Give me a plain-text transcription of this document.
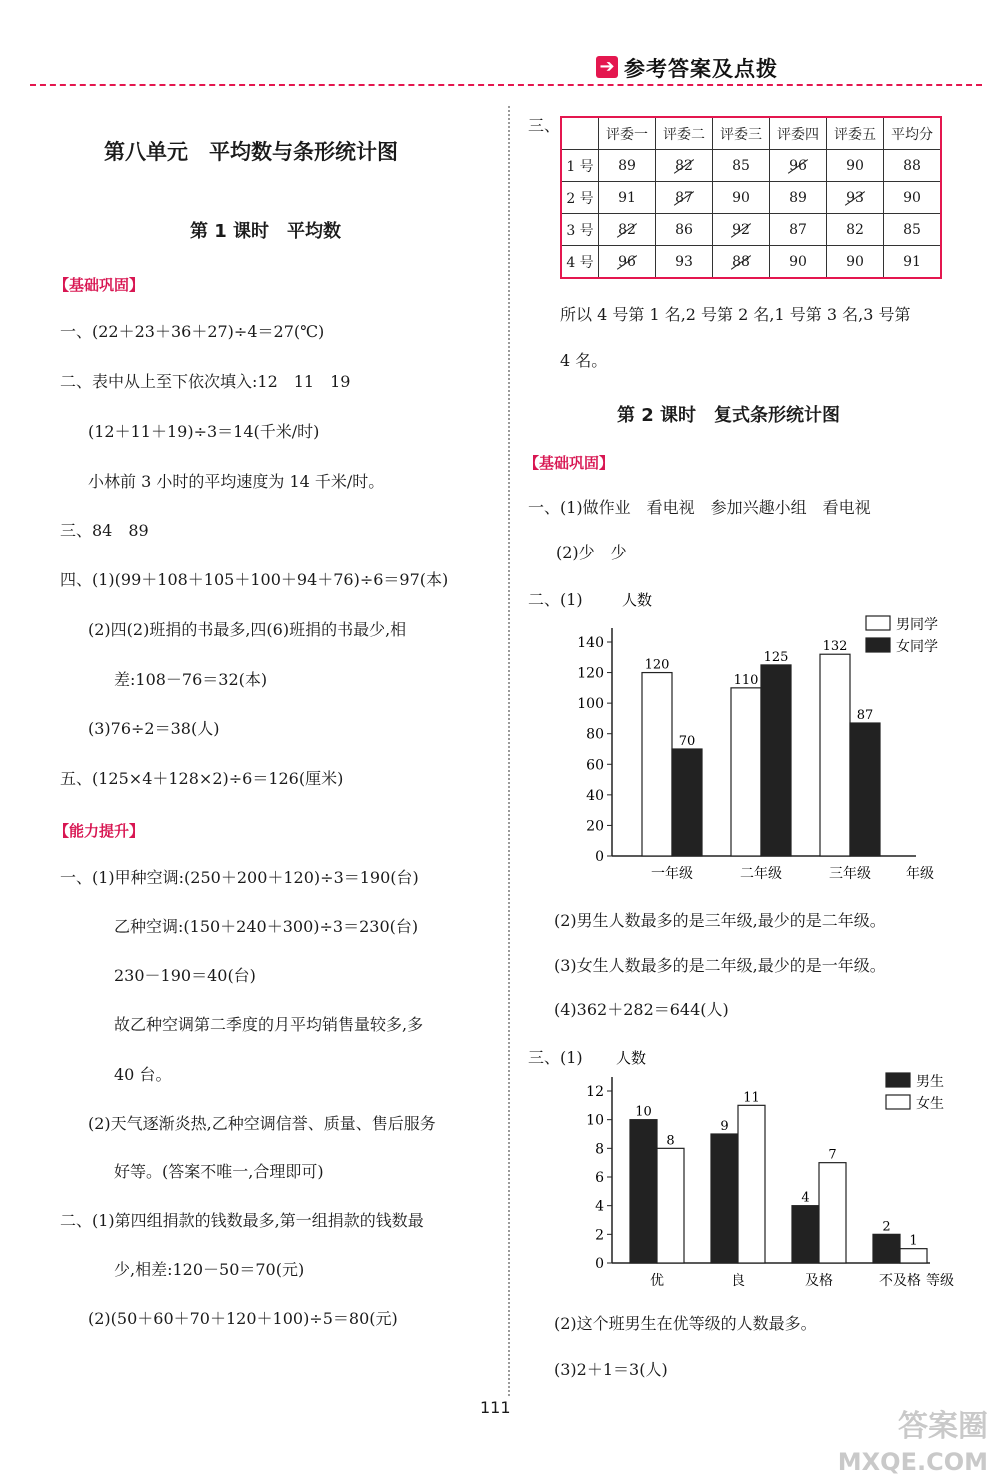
➔ 参考答案及点拨
第八单元　平均数与条形统计图
第 1 课时　平均数
【基础巩固】
一、(22＋23＋36＋27)÷4＝27(℃)
二、表中从上至下依次填入:12　11　19
(12＋11＋19)÷3＝14(千米/时)
小林前 3 小时的平均速度为 14 千米/时。
三、84　89
四、(1)(99＋108＋105＋100＋94＋76)÷6＝97(本)
(2)四(2)班捐的书最多,四(6)班捐的书最少,相
差:108－76＝32(本)
(3)76÷2＝38(人)
五、(125×4＋128×2)÷6＝126(厘米)
【能力提升】
一、(1)甲种空调:(250＋200＋120)÷3＝190(台)
乙种空调:(150＋240＋300)÷3＝230(台)
230－190＝40(台)
故乙种空调第二季度的月平均销售量较多,多
40 台。
(2)天气逐渐炎热,乙种空调信誉、质量、售后服务
好等。(答案不唯一,合理即可)
二、(1)第四组捐款的钱数最多,第一组捐款的钱数最
少,相差:120－50＝70(元)
(2)(50＋60＋70＋120＋100)÷5＝80(元)
三、
		评委一	评委二	评委三	评委四	评委五	平均分
1 号	89	82	85	96	90	88
2 号	91	87	90	89	93	90
3 号	82	86	92	87	82	85
4 号	96	93	88	90	90	91
所以 4 号第 1 名,2 号第 2 名,1 号第 3 名,3 号第
4 名。
第 2 课时　复式条形统计图
【基础巩固】
一、(1)做作业　看电视　参加兴趣小组　看电视
(2)少　少
二、(1)
0
20
40
60
80
100
120
140
人数
年级
一年级
120
70
二年级
110
125
三年级
132
87
男同学
女同学
(2)男生人数最多的是三年级,最少的是二年级。
(3)女生人数最多的是二年级,最少的是一年级。
(4)362＋282＝644(人)
三、(1)
0
2
4
6
8
10
12
人数
等级
优
10
8
良
9
11
及格
4
7
不及格
2
1
男生
女生
(2)这个班男生在优等级的人数最多。
(3)2＋1＝3(人)
111
答案圈
MXQE.COM
